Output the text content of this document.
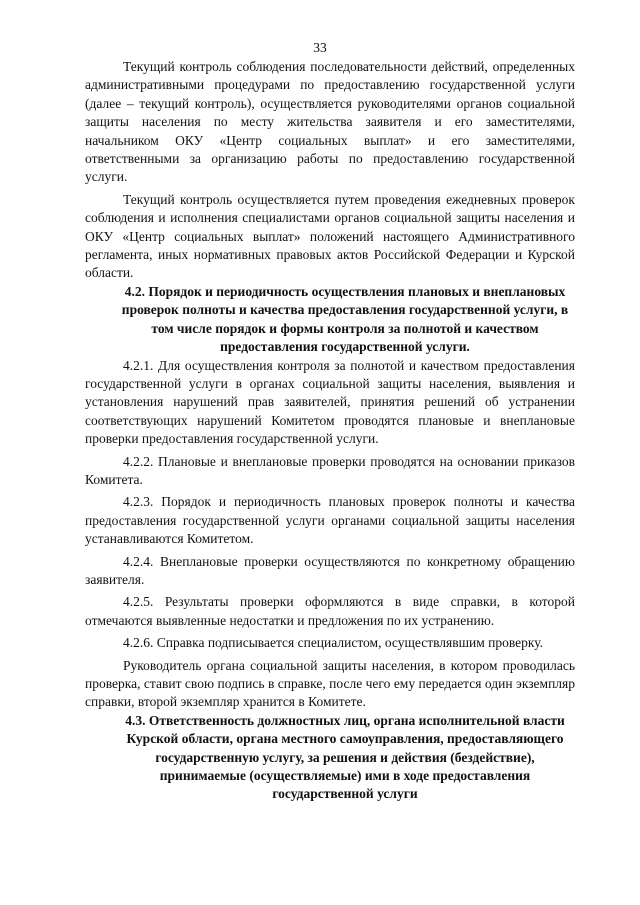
33

Текущий контроль соблюдения последовательности действий, определенных административными процедурами по предоставлению государственной услуги (далее – текущий контроль), осуществляется руководителями органов социальной защиты населения по месту жительства заявителя и его заместителями, начальником ОКУ «Центр социальных выплат» и его заместителями, ответственными за организацию работы по предоставлению государственной услуги.

Текущий контроль осуществляется путем проведения ежедневных проверок соблюдения и исполнения специалистами органов социальной защиты населения и ОКУ «Центр социальных выплат» положений настоящего Административного регламента, иных нормативных правовых актов Российской Федерации и Курской области.

4.2. Порядок и периодичность осуществления плановых и внеплановых проверок полноты и качества предоставления государственной услуги, в том числе порядок и формы контроля за полнотой и качеством предоставления государственной услуги.

4.2.1. Для осуществления контроля за полнотой и качеством предоставления государственной услуги в органах социальной защиты населения, выявления и установления нарушений прав заявителей, принятия решений об устранении соответствующих нарушений Комитетом проводятся плановые и внеплановые проверки предоставления государственной услуги.

4.2.2. Плановые и внеплановые проверки проводятся на основании приказов Комитета.

4.2.3. Порядок и периодичность плановых проверок полноты и качества предоставления государственной услуги органами социальной защиты населения устанавливаются Комитетом.

4.2.4. Внеплановые проверки осуществляются по конкретному обращению заявителя.

4.2.5. Результаты проверки оформляются в виде справки, в которой отмечаются выявленные недостатки и предложения по их устранению.

4.2.6. Справка подписывается специалистом, осуществлявшим проверку.

Руководитель органа социальной защиты населения, в котором проводилась проверка, ставит свою подпись в справке, после чего ему передается один экземпляр справки, второй экземпляр хранится в Комитете.

4.3. Ответственность должностных лиц, органа исполнительной власти Курской области, органа местного самоуправления, предоставляющего государственную услугу, за решения и действия (бездействие), принимаемые (осуществляемые) ими в ходе предоставления государственной услуги
